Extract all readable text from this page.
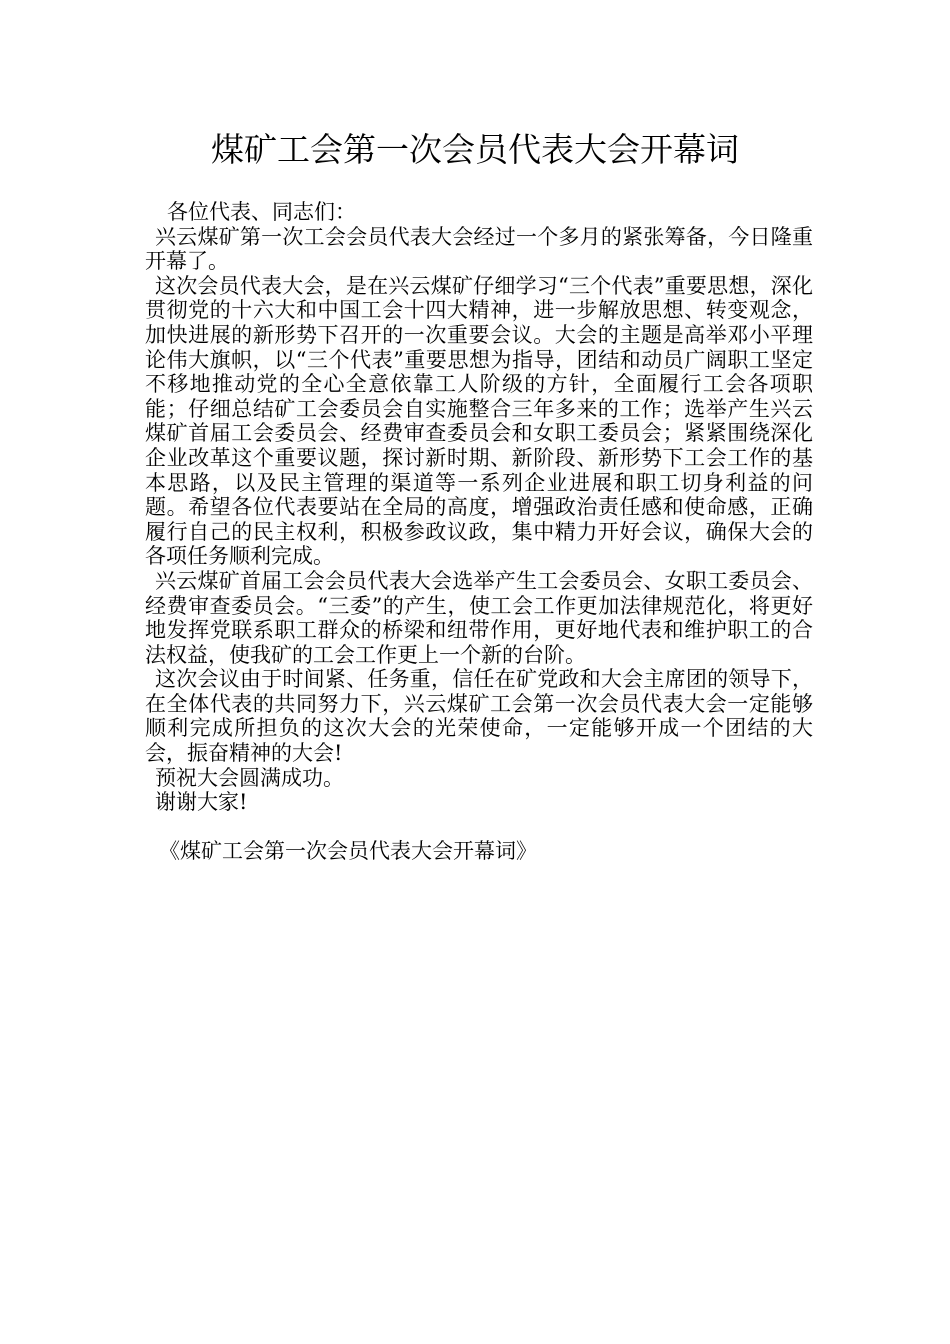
煤矿工会第一次会员代表大会开幕词

各位代表、同志们：

兴云煤矿第一次工会会员代表大会经过一个多月的紧张筹备，今日隆重开幕了。

这次会员代表大会，是在兴云煤矿仔细学习“三个代表”重要思想，深化贯彻党的十六大和中国工会十四大精神，进一步解放思想、转变观念，加快进展的新形势下召开的一次重要会议。大会的主题是高举邓小平理论伟大旗帜，以“三个代表”重要思想为指导，团结和动员广阔职工坚定不移地推动党的全心全意依靠工人阶级的方针，全面履行工会各项职能；仔细总结矿工会委员会自实施整合三年多来的工作；选举产生兴云煤矿首届工会委员会、经费审查委员会和女职工委员会；紧紧围绕深化企业改革这个重要议题，探讨新时期、新阶段、新形势下工会工作的基本思路，以及民主管理的渠道等一系列企业进展和职工切身利益的问题。希望各位代表要站在全局的高度，增强政治责任感和使命感，正确履行自己的民主权利，积极参政议政，集中精力开好会议，确保大会的各项任务顺利完成。

兴云煤矿首届工会会员代表大会选举产生工会委员会、女职工委员会、经费审查委员会。“三委”的产生，使工会工作更加法律规范化，将更好地发挥党联系职工群众的桥梁和纽带作用，更好地代表和维护职工的合法权益，使我矿的工会工作更上一个新的台阶。

这次会议由于时间紧、任务重，信任在矿党政和大会主席团的领导下，在全体代表的共同努力下，兴云煤矿工会第一次会员代表大会一定能够顺利完成所担负的这次大会的光荣使命，一定能够开成一个团结的大会，振奋精神的大会!

预祝大会圆满成功。

谢谢大家!

《煤矿工会第一次会员代表大会开幕词》
